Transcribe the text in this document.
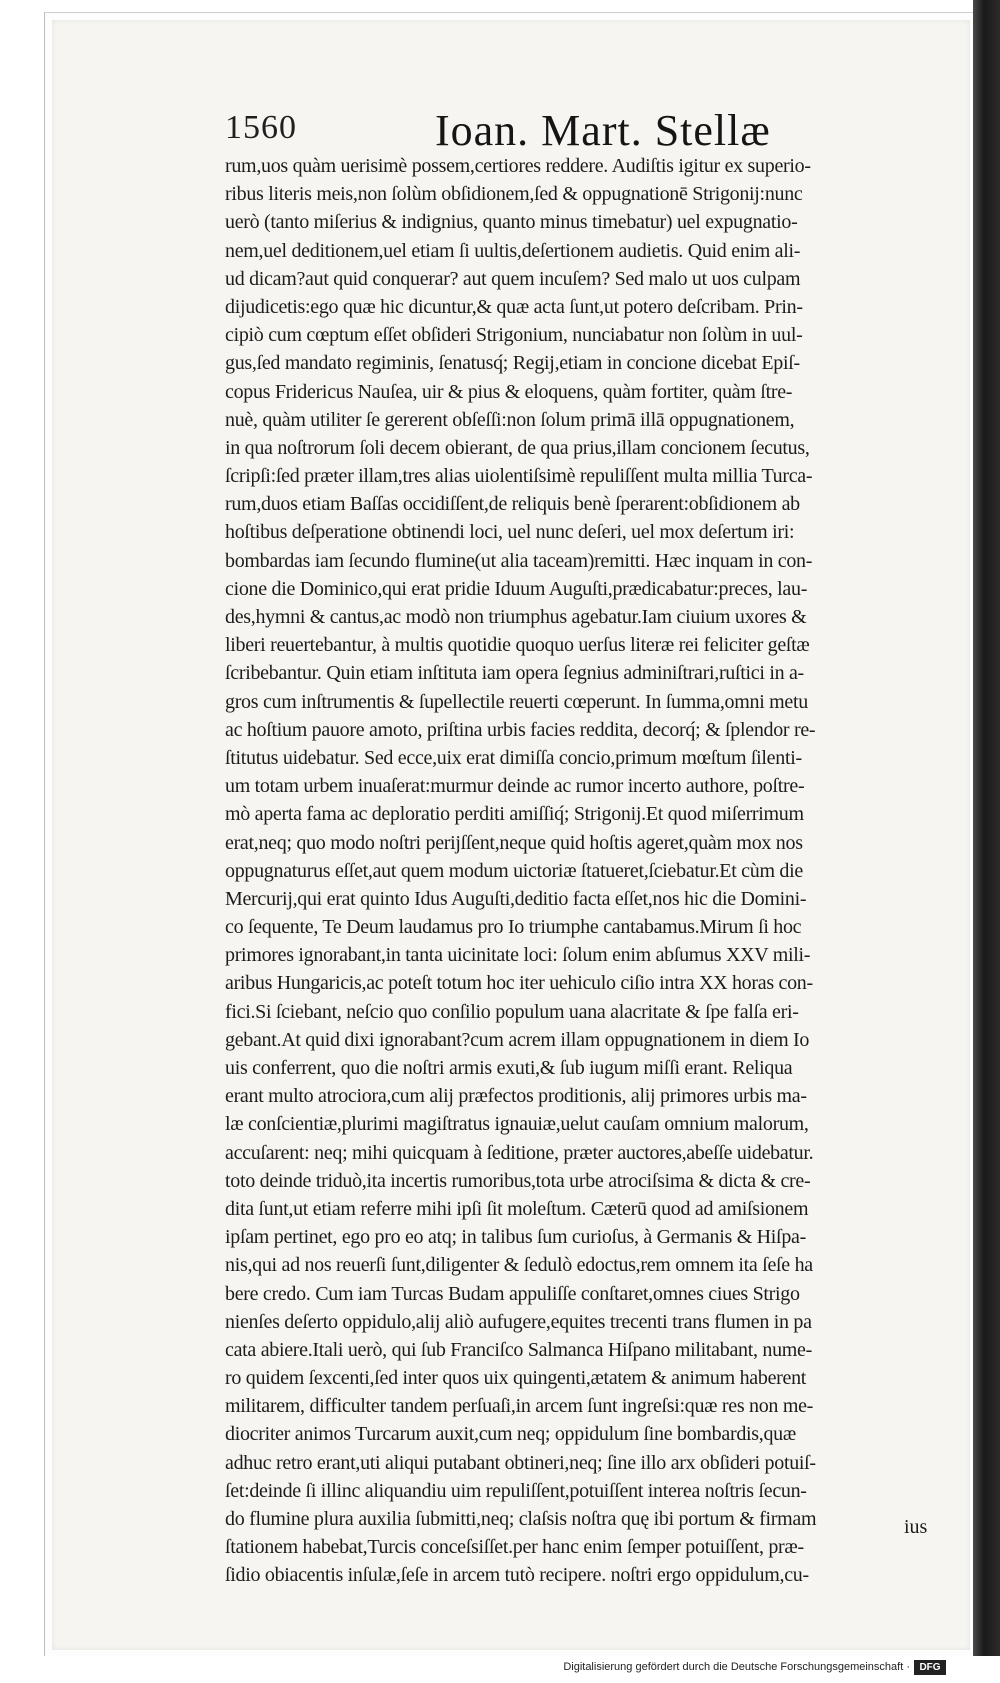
1560	Ioan. Mart. Stellæ
rum,uos quàm uerisimè possem,certiores reddere. Audiſtis igitur ex superio-
ribus literis meis,non ſolùm obſidionem,ſed & oppugnationē Strigonij:nunc
uerò (tanto miſerius & indignius, quanto minus timebatur) uel expugnatio-
nem,uel deditionem,uel etiam ſi uultis,deſertionem audietis. Quid enim ali-
ud dicam?aut quid conquerar? aut quem incuſem? Sed malo ut uos culpam
dijudicetis:ego quæ hic dicuntur,& quæ acta ſunt,ut potero deſcribam. Prin-
cipiò cum cœptum eſſet obſideri Strigonium, nunciabatur non ſolùm in uul-
gus,ſed mandato regiminis, ſenatusq́; Regij,etiam in concione dicebat Epiſ-
copus Fridericus Nauſea, uir & pius & eloquens, quàm fortiter, quàm ſtre-
nuè, quàm utiliter ſe gererent obſeſſi:non ſolum primā illā oppugnationem,
in qua noſtrorum ſoli decem obierant, de qua prius,illam concionem ſecutus,
ſcripſi:ſed præter illam,tres alias uiolentiſsimè repuliſſent multa millia Turca-
rum,duos etiam Baſſas occidiſſent,de reliquis benè ſperarent:obſidionem ab
hoſtibus deſperatione obtinendi loci, uel nunc deſeri, uel mox deſertum iri:
bombardas iam ſecundo flumine(ut alia taceam)remitti. Hæc inquam in con-
cione die Dominico,qui erat pridie Iduum Auguſti,prædicabatur:preces, lau-
des,hymni & cantus,ac modò non triumphus agebatur.Iam ciuium uxores &
liberi reuertebantur, à multis quotidie quoquo uerſus literæ rei feliciter geſtæ
ſcribebantur. Quin etiam inſtituta iam opera ſegnius adminiſtrari,ruſtici in a-
gros cum inſtrumentis & ſupellectile reuerti cœperunt. In ſumma,omni metu
ac hoſtium pauore amoto, priſtina urbis facies reddita, decorq́; & ſplendor re-
ſtitutus uidebatur. Sed ecce,uix erat dimiſſa concio,primum mœſtum ſilenti-
um totam urbem inuaſerat:murmur deinde ac rumor incerto authore, poſtre-
mò aperta fama ac deploratio perditi amiſſiq́; Strigonij.Et quod miſerrimum
erat,neq; quo modo noſtri perijſſent,neque quid hoſtis ageret,quàm mox nos
oppugnaturus eſſet,aut quem modum uictoriæ ſtatueret,ſciebatur.Et cùm die
Mercurij,qui erat quinto Idus Auguſti,deditio facta eſſet,nos hic die Domini-
co ſequente, Te Deum laudamus pro Io triumphe cantabamus.Mirum ſi hoc
primores ignorabant,in tanta uicinitate loci: ſolum enim abſumus XXV mili-
aribus Hungaricis,ac poteſt totum hoc iter uehiculo ciſio intra XX horas con-
fici.Si ſciebant, neſcio quo conſilio populum uana alacritate & ſpe falſa eri-
gebant.At quid dixi ignorabant?cum acrem illam oppugnationem in diem Io
uis conferrent, quo die noſtri armis exuti,& ſub iugum miſſi erant. Reliqua
erant multo atrociora,cum alij præfectos proditionis, alij primores urbis ma-
læ conſcientiæ,plurimi magiſtratus ignauiæ,uelut cauſam omnium malorum,
accuſarent: neq; mihi quicquam à ſeditione, præter auctores,abeſſe uidebatur.
toto deinde triduò,ita incertis rumoribus,tota urbe atrociſsima & dicta & cre-
dita ſunt,ut etiam referre mihi ipſi ſit moleſtum. Cæterū quod ad amiſsionem
ipſam pertinet, ego pro eo atq; in talibus ſum curioſus, à Germanis & Hiſpa-
nis,qui ad nos reuerſi ſunt,diligenter & ſedulò edoctus,rem omnem ita ſeſe ha
bere credo. Cum iam Turcas Budam appuliſſe conſtaret,omnes ciues Strigo
nienſes deſerto oppidulo,alij aliò aufugere,equites trecenti trans flumen in pa
cata abiere.Itali uerò, qui ſub Franciſco Salmanca Hiſpano militabant, nume-
ro quidem ſexcenti,ſed inter quos uix quingenti,ætatem & animum haberent
militarem, difficulter tandem perſuaſi,in arcem ſunt ingreſsi:quæ res non me-
diocriter animos Turcarum auxit,cum neq; oppidulum ſine bombardis,quæ
adhuc retro erant,uti aliqui putabant obtineri,neq; ſine illo arx obſideri potuiſ-
ſet:deinde ſi illinc aliquandiu uim repuliſſent,potuiſſent interea noſtris ſecun-
do flumine plura auxilia ſubmitti,neq; claſsis noſtra quę ibi portum & firmam
ſtationem habebat,Turcis conceſsiſſet.per hanc enim ſemper potuiſſent, præ-
ſidio obiacentis inſulæ,ſeſe in arcem tutò recipere. noſtri ergo oppidulum,cu-
ius
Digitalisierung gefördert durch die Deutsche Forschungsgemeinschaft · DFG
